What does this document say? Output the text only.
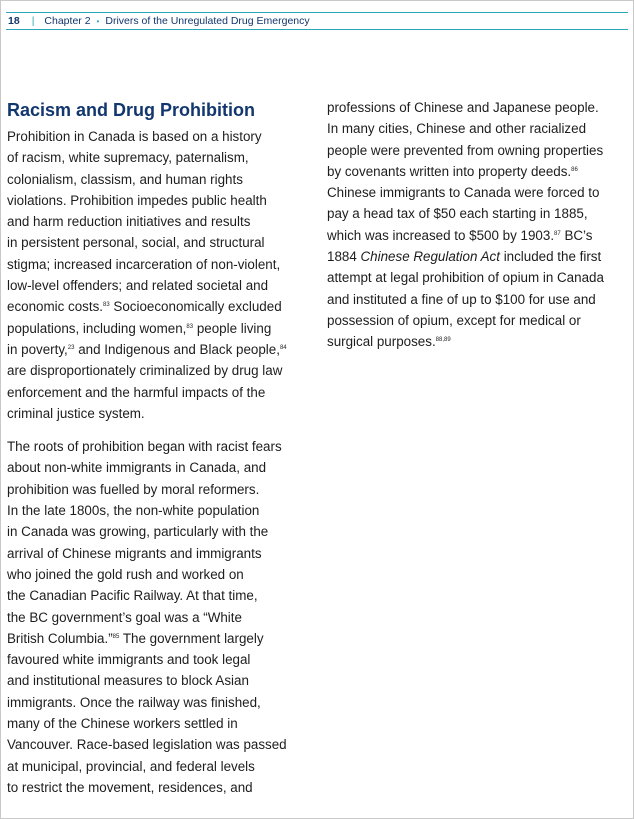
18 | Chapter 2 • Drivers of the Unregulated Drug Emergency
Racism and Drug Prohibition
Prohibition in Canada is based on a history
of racism, white supremacy, paternalism,
colonialism, classism, and human rights
violations. Prohibition impedes public health
and harm reduction initiatives and results
in persistent personal, social, and structural
stigma; increased incarceration of non-violent,
low-level offenders; and related societal and
economic costs.$^{83}$ Socioeconomically excluded
populations, including women,$^{83}$ people living
in poverty,$^{23}$ and Indigenous and Black people,$^{84}$
are disproportionately criminalized by drug law
enforcement and the harmful impacts of the
criminal justice system.
The roots of prohibition began with racist fears
about non-white immigrants in Canada, and
prohibition was fuelled by moral reformers.
In the late 1800s, the non-white population
in Canada was growing, particularly with the
arrival of Chinese migrants and immigrants
who joined the gold rush and worked on
the Canadian Pacific Railway. At that time,
the BC government’s goal was a “White
British Columbia.”$^{85}$ The government largely
favoured white immigrants and took legal
and institutional measures to block Asian
immigrants. Once the railway was finished,
many of the Chinese workers settled in
Vancouver. Race-based legislation was passed
at municipal, provincial, and federal levels
to restrict the movement, residences, and
professions of Chinese and Japanese people.
In many cities, Chinese and other racialized
people were prevented from owning properties
by covenants written into property deeds.$^{86}$
Chinese immigrants to Canada were forced to
pay a head tax of $50 each starting in 1885,
which was increased to $500 by 1903.87 BC’s
1884 Chinese Regulation Act included the first
attempt at legal prohibition of opium in Canada
and instituted a fine of up to $100 for use and
possession of opium, except for medical or
surgical purposes.$^{88,89}$
